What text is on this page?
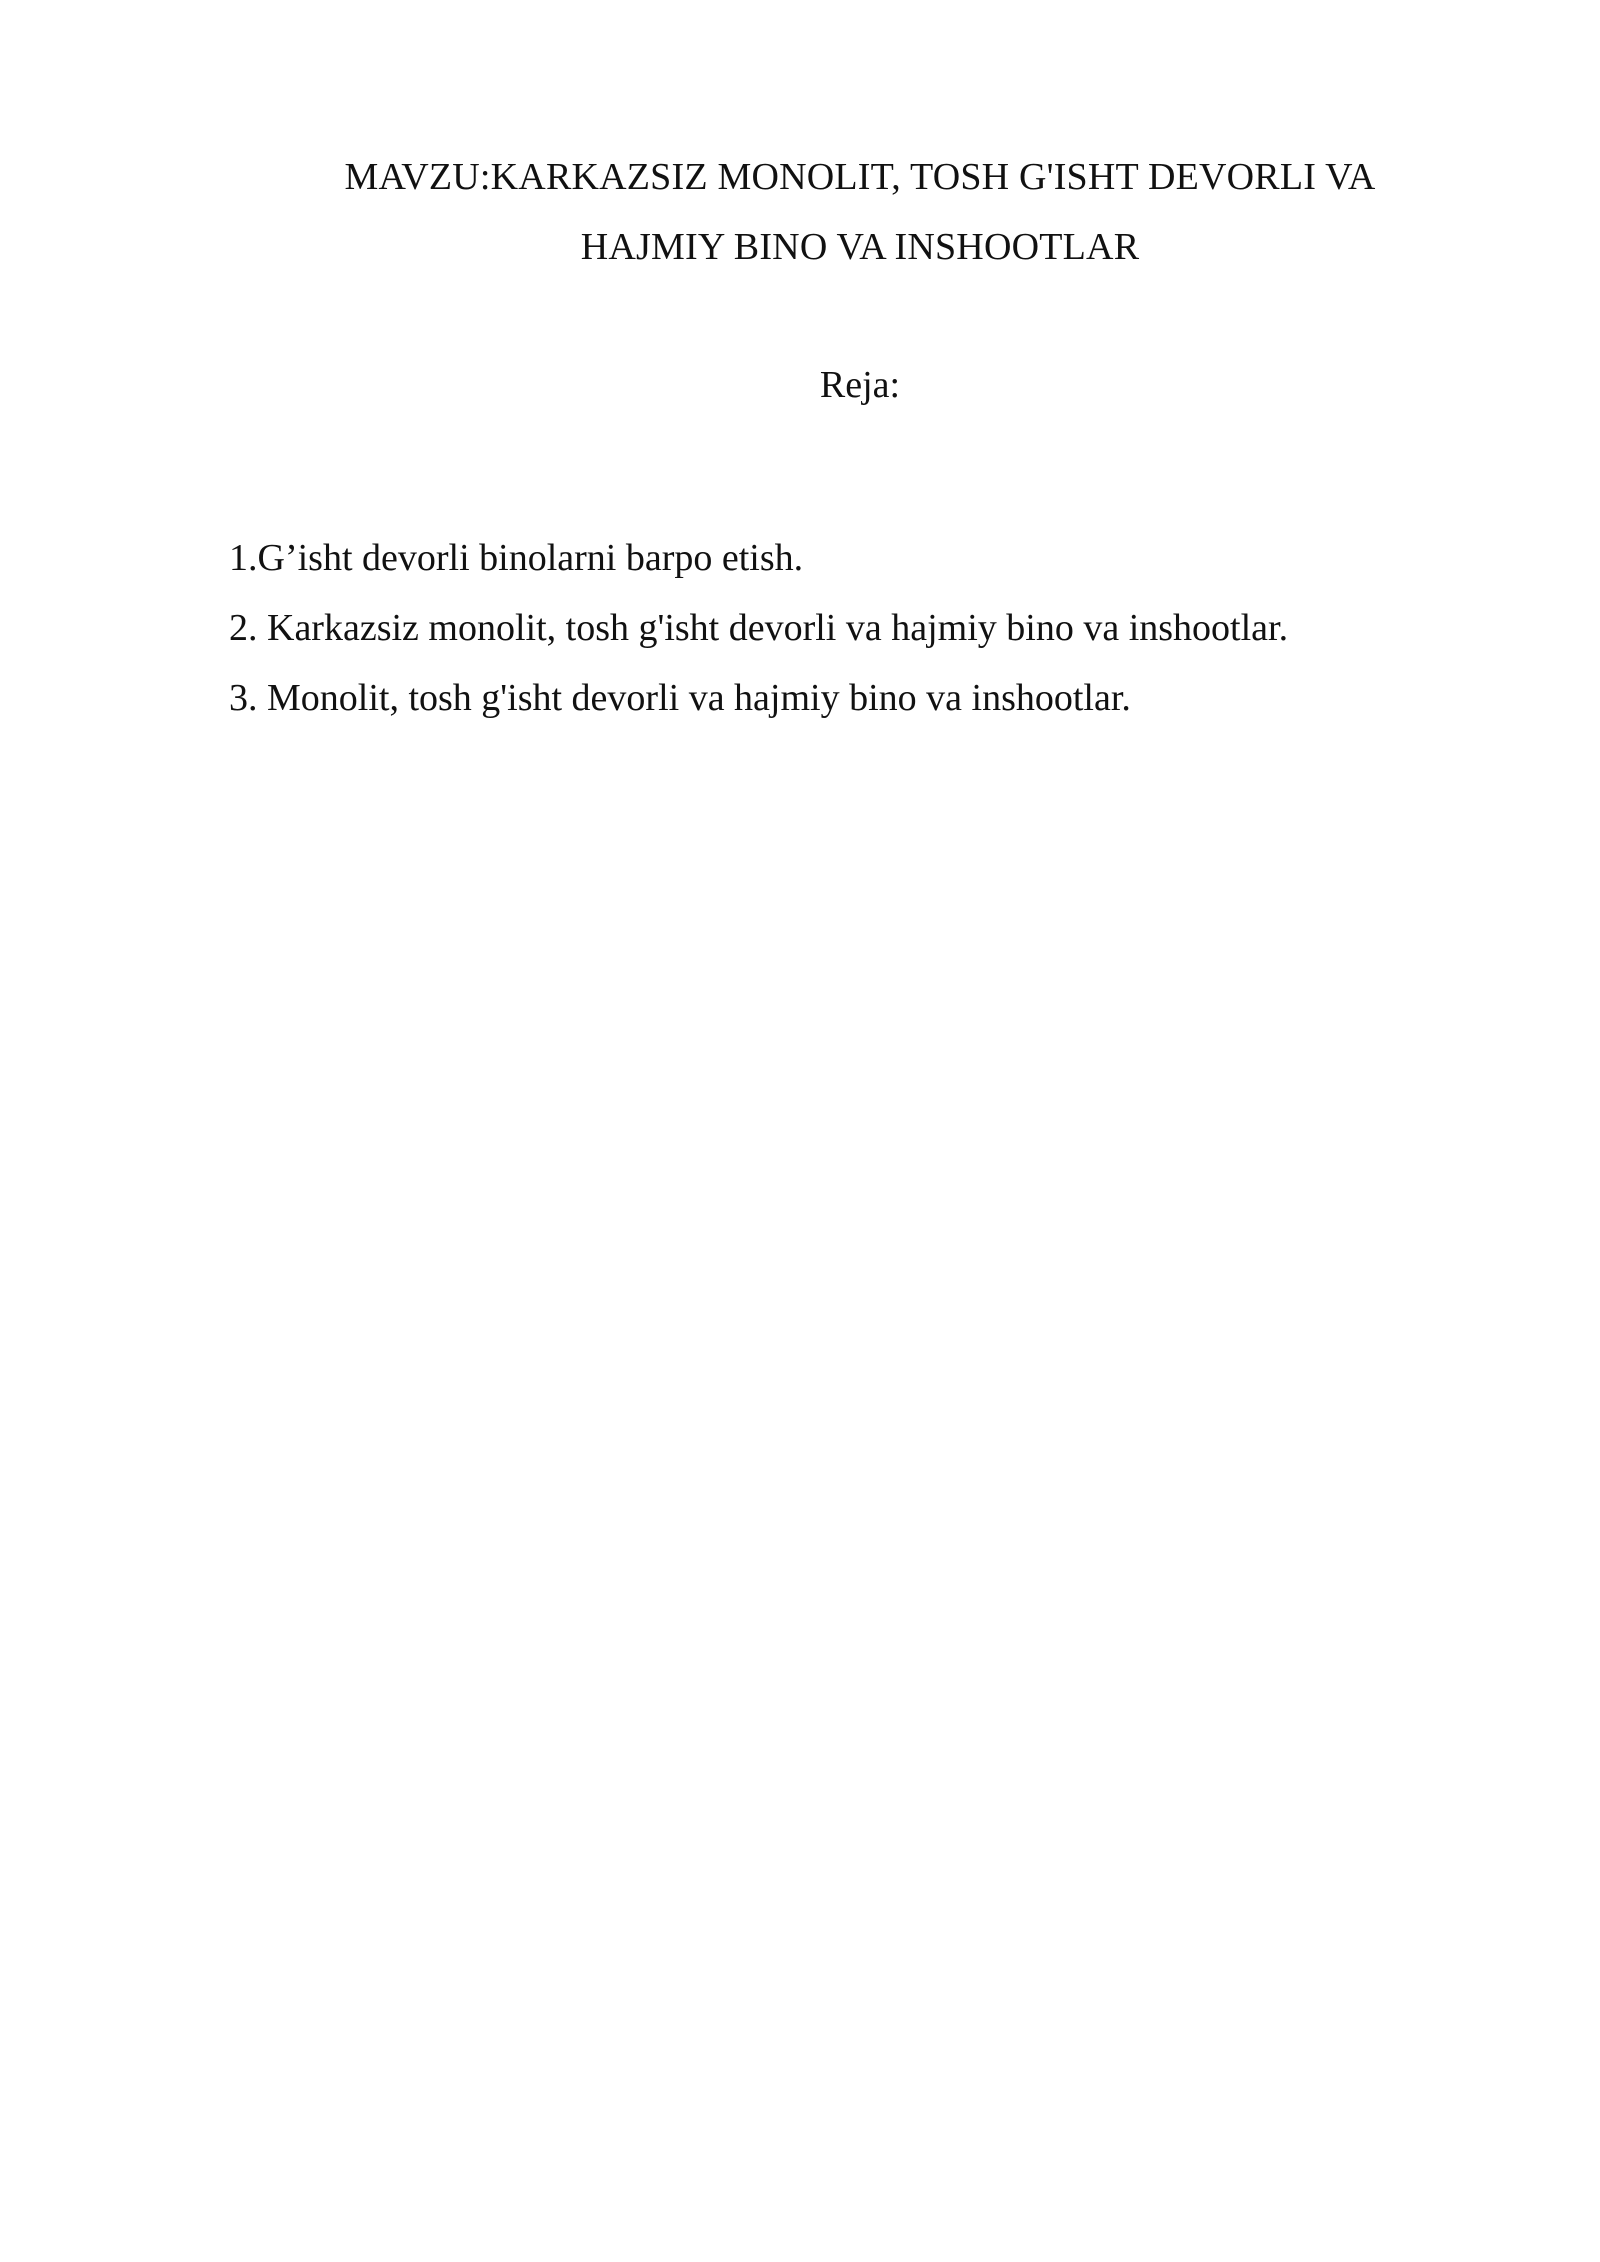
MAVZU:KARKAZSIZ MONOLIT, TOSH G'ISHT DEVORLI VA
HAJMIY BINO VA INSHOOTLAR

Reja:

1.G’isht devorli binolarni barpo etish.
2. Karkazsiz monolit, tosh g'isht devorli va hajmiy bino va inshootlar.
3. Monolit, tosh g'isht devorli va hajmiy bino va inshootlar.
